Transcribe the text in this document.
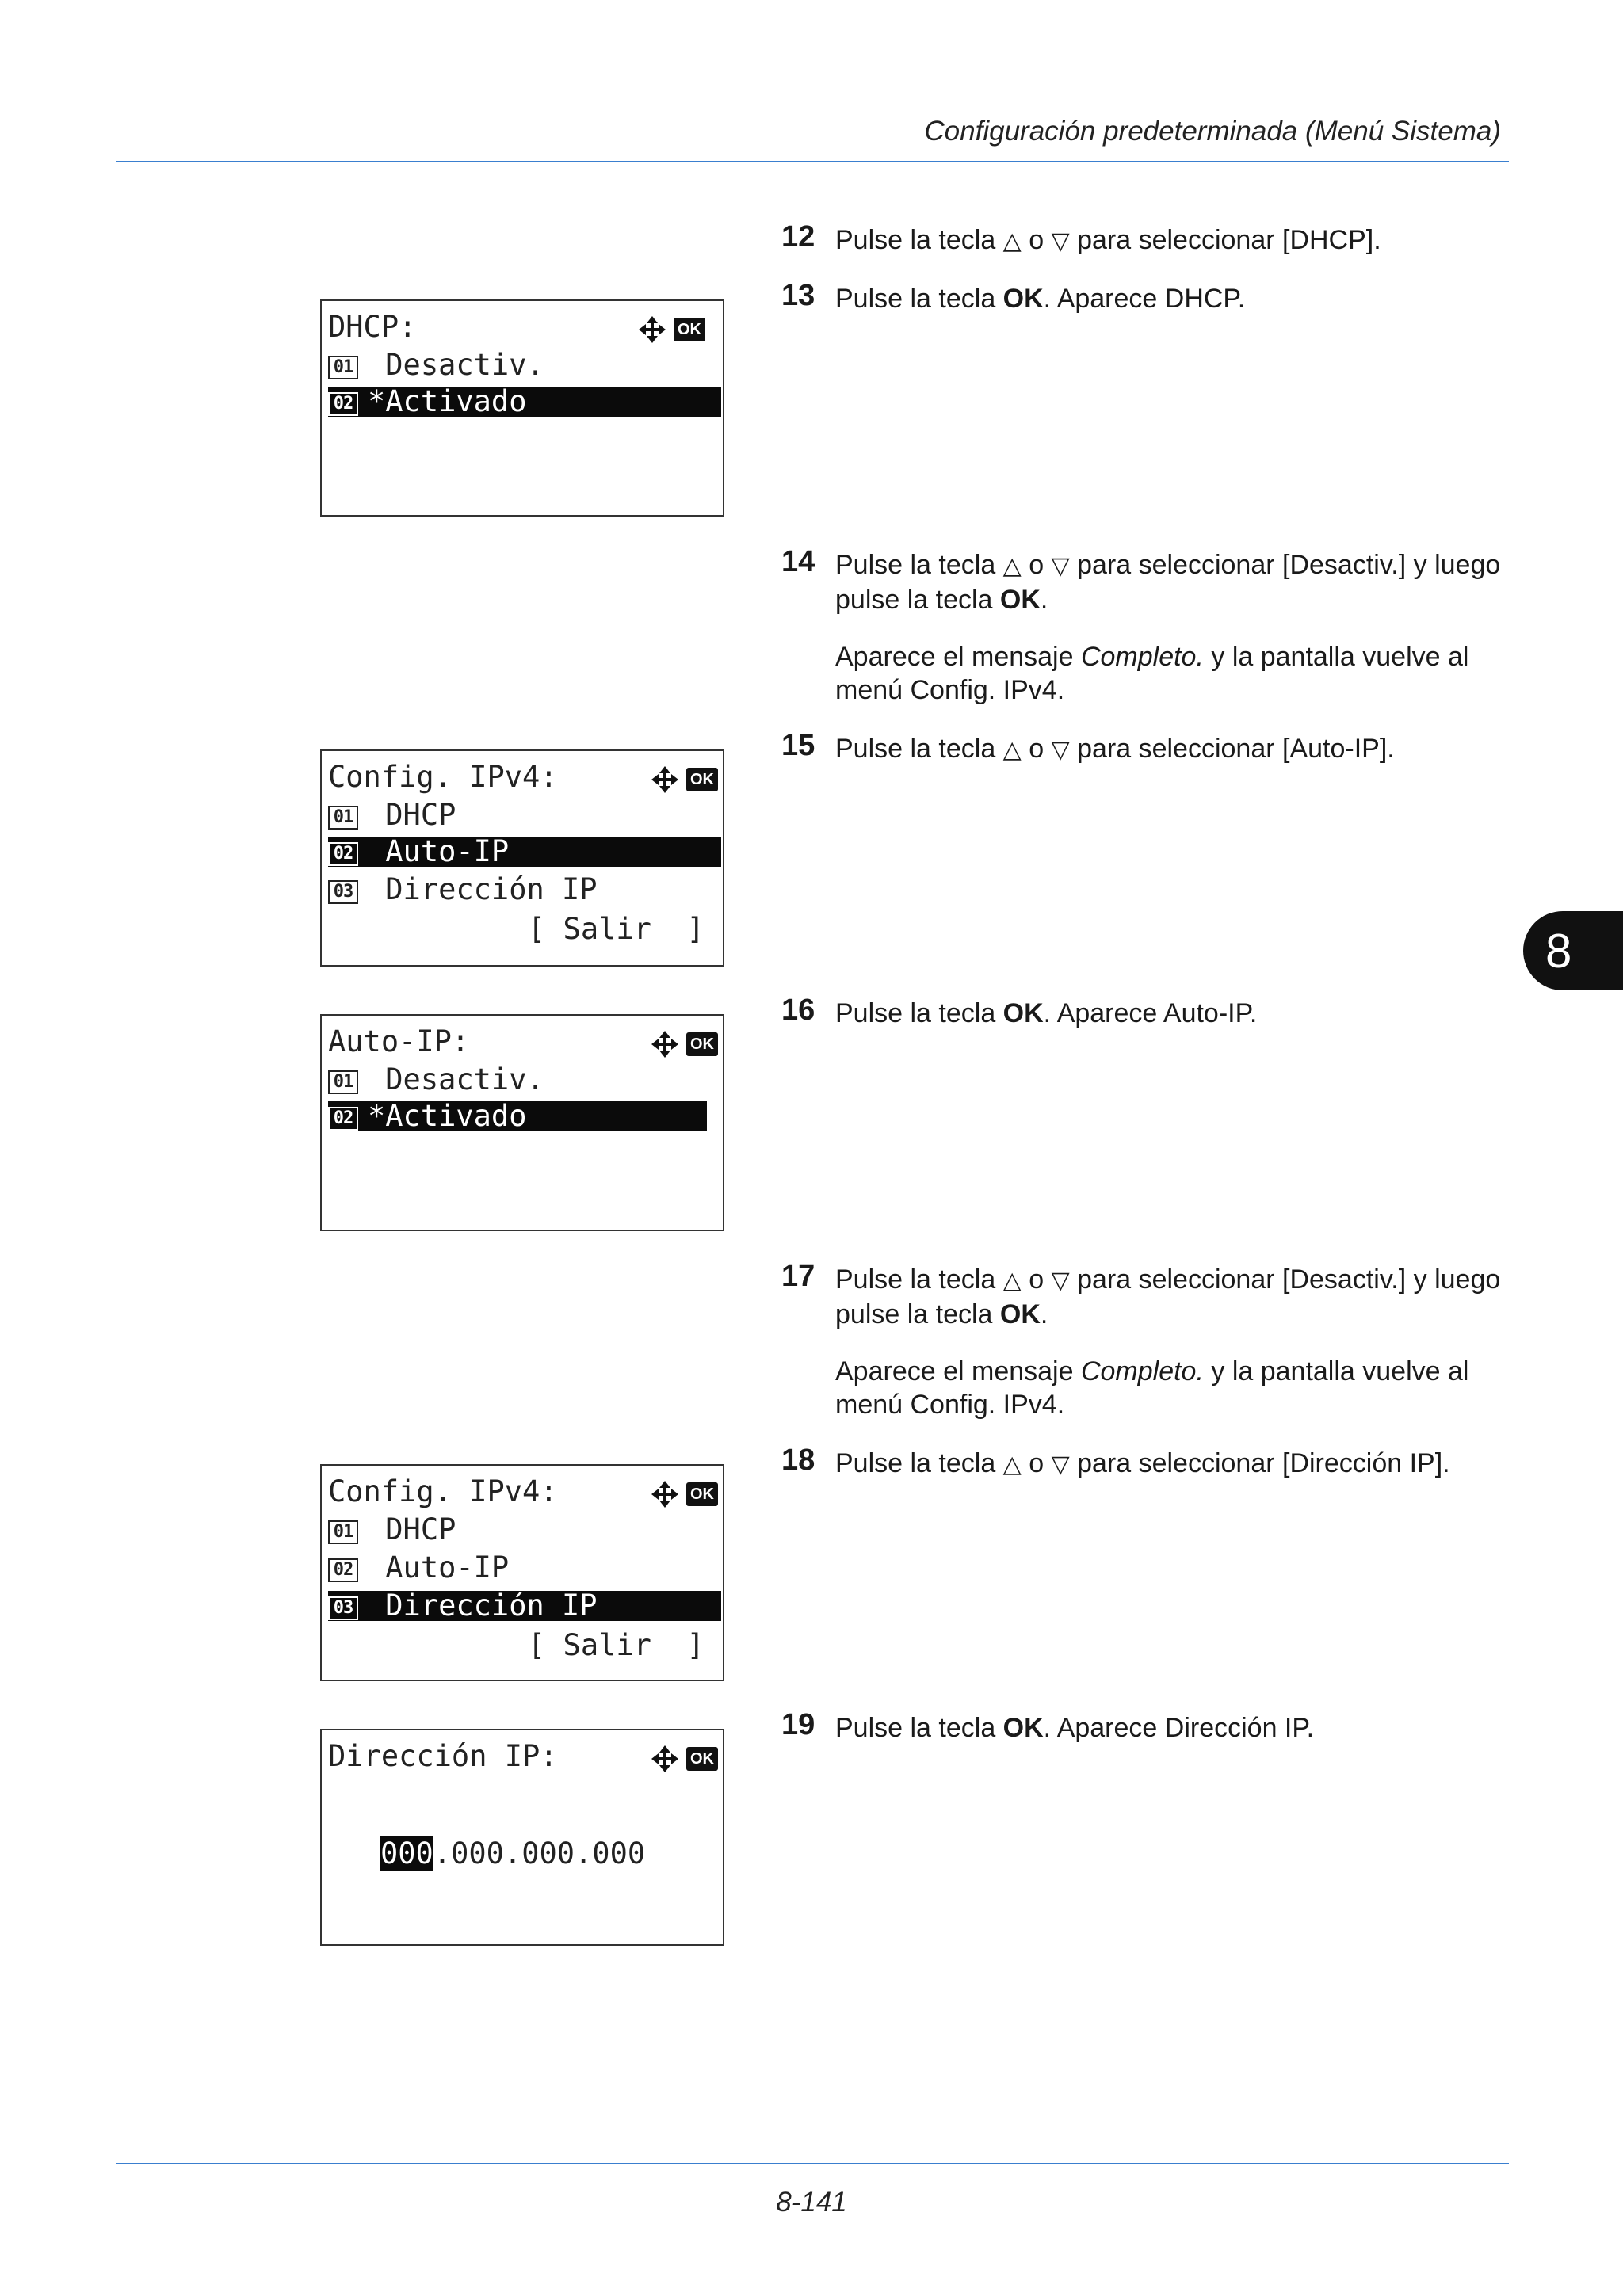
Configuración predeterminada (Menú Sistema)
8-141
8
12 Pulse la tecla △ o ▽ para seleccionar [DHCP].

13 Pulse la tecla OK. Aparece DHCP.

14 Pulse la tecla △ o ▽ para seleccionar [Desactiv.] y luego pulse la tecla OK.

Aparece el mensaje Completo. y la pantalla vuelve al menú Config. IPv4.

15 Pulse la tecla △ o ▽ para seleccionar [Auto-IP].

16 Pulse la tecla OK. Aparece Auto-IP.

17 Pulse la tecla △ o ▽ para seleccionar [Desactiv.] y luego pulse la tecla OK.

Aparece el mensaje Completo. y la pantalla vuelve al menú Config. IPv4.

18 Pulse la tecla △ o ▽ para seleccionar [Dirección IP].

19 Pulse la tecla OK. Aparece Dirección IP.

DHCP:	OK
01 Desactiv.
02 *Activado
Config. IPv4:	OK
01 DHCP
02 Auto-IP
03 Dirección IP
[ Salir  ]
Auto-IP:	OK
01 Desactiv.
02 *Activado
Config. IPv4:	OK
01 DHCP
02 Auto-IP
03 Dirección IP
[ Salir  ]
Dirección IP:	OK
000.000.000.000
